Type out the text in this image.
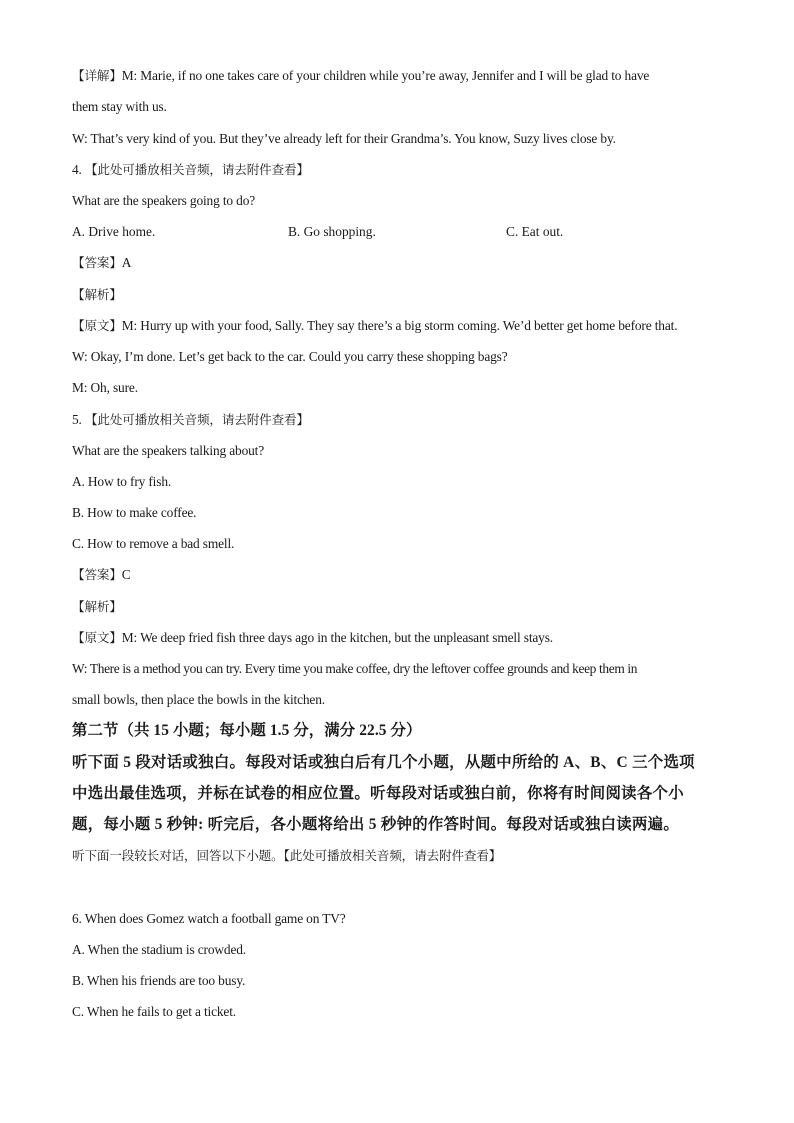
【详解】M: Marie, if no one takes care of your children while you’re away, Jennifer and I will be glad to have
them stay with us.
W: That’s very kind of you. But they’ve already left for their Grandma’s. You know, Suzy lives close by.
4. 【此处可播放相关音频，请去附件查看】
What are the speakers going to do?
A. Drive home.	B. Go shopping.	C. Eat out.
【答案】A
【解析】
【原文】M: Hurry up with your food, Sally. They say there’s a big storm coming. We’d better get home before that.
W: Okay, I’m done. Let’s get back to the car. Could you carry these shopping bags?
M: Oh, sure.
5. 【此处可播放相关音频，请去附件查看】
What are the speakers talking about?
A. How to fry fish.
B. How to make coffee.
C. How to remove a bad smell.
【答案】C
【解析】
【原文】M: We deep fried fish three days ago in the kitchen, but the unpleasant smell stays.
W: There is a method you can try. Every time you make coffee, dry the leftover coffee grounds and keep them in
small bowls, then place the bowls in the kitchen.
第二节（共 15 小题；每小题 1.5 分，满分 22.5 分）
听下面 5 段对话或独白。每段对话或独白后有几个小题，从题中所给的 A、B、C 三个选项
中选出最佳选项，并标在试卷的相应位置。听每段对话或独白前，你将有时间阅读各个小
题，每小题 5 秒钟: 听完后，各小题将给出 5 秒钟的作答时间。每段对话或独白读两遍。
听下面一段较长对话，回答以下小题。【此处可播放相关音频，请去附件查看】
6. When does Gomez watch a football game on TV?
A. When the stadium is crowded.
B. When his friends are too busy.
C. When he fails to get a ticket.
